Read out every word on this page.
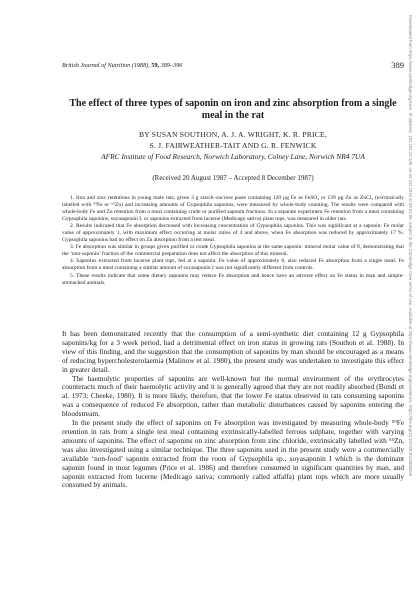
British Journal of Nutrition (1988), 59, 389–396	389
The effect of three types of saponin on iron and zinc absorption from a single meal in the rat
BY SUSAN SOUTHON, A. J. A. WRIGHT, K. R. PRICE,
S. J. FAIRWEATHER-TAIT AND G. R. FENWICK
AFRC Institute of Food Research, Norwich Laboratory, Colney Lane, Norwich NR4 7UA
(Received 20 August 1987 – Accepted 8 December 1987)

1. Iron and zinc retentions in young male rats, given 3 g starch–sucrose paste containing 120 µg Fe as FeSO₄ or 139 µg Zn as ZnCl₂ (extrinsically labelled with ⁵⁹Fe or ⁶⁵Zn) and increasing amounts of Gypsophila saponins, were measured by whole-body counting. The results were compared with whole-body Fe and Zn retention from a meal containing crude or purified saponin fractions. In a separate experiment Fe retention from a meal containing Gypsophila saponins, soyasaponin I, or saponins extracted from lucerne (Medicago sativa) plant tops, was measured in older rats.

2. Results indicated that Fe absorption decreased with increasing concentration of Gypsophila saponins. This was significant at a saponin: Fe molar value of approximately 1, with maximum effect occurring at molar ratios of 4 and above, when Fe absorption was reduced by approximately 17 %. Gypsophila saponins had no effect on Zn absorption from a test meal.

3. Fe absorption was similar in groups given purified or crude Gypsophila saponins at the same saponin: mineral molar value of 8, demonstrating that the ‘non-saponin’ fraction of the commercial preparation does not affect the absorption of this mineral.

4. Saponins extracted from lucerne plant tops, fed at a saponin: Fe value of approximately 8, also reduced Fe absorption from a single meal. Fe absorption from a meal containing a similar amount of soyasaponin I was not significantly different from controls.

5. These results indicate that some dietary saponins may reduce Fe absorption and hence have an adverse effect on Fe status in man and simple-stomached animals.

It has been demonstrated recently that the consumption of a semi-synthetic diet containing 12 g Gypsophila saponins/kg for a 3 week period, had a detrimental effect on iron status in growing rats (Southon et al. 1988). In view of this finding, and the suggestion that the consumption of saponins by man should be encouraged as a means of reducing hypercholesterolaemia (Malinow et al. 1980), the present study was undertaken to investigate this effect in greater detail.

The haemolytic properties of saponins are well-known but the normal environment of the erythrocytes counteracts much of their haemolytic activity and it is generally agreed that they are not readily absorbed (Bondi et al. 1973; Cheeke, 1980). It is more likely, therefore, that the lower Fe status observed in rats consuming saponins was a consequence of reduced Fe absorption, rather than metabolic disturbances caused by saponins entering the bloodstream.

In the present study the effect of saponins on Fe absorption was investigated by measuring whole-body ⁵⁹Fe retention in rats from a single test meal containing extrinsically-labelled ferrous sulphate, together with varying amounts of saponins. The effect of saponins on zinc absorption from zinc chloride, extrinsically labelled with ⁶⁵Zn, was also investigated using a similar technique. The three saponins used in the present study were a commercially available ‘non-food’ saponin extracted from the roots of Gypsophila sp., soyasaponin I which is the dominant saponin found in most legumes (Price et al. 1986) and therefore consumed in significant quantities by man, and saponin extracted from lucerne (Medicago sativa; commonly called alfalfa) plant tops which are more usually consumed by animals.

Downloaded from https://www.cambridge.org/core. IP address: 181.181.22.105, on 04 Oct 2019 at 09:54:05, subject to the Cambridge Core terms of use, available at https://www.cambridge.org/core/terms. https://doi.org/10.1079/BJN19880048
